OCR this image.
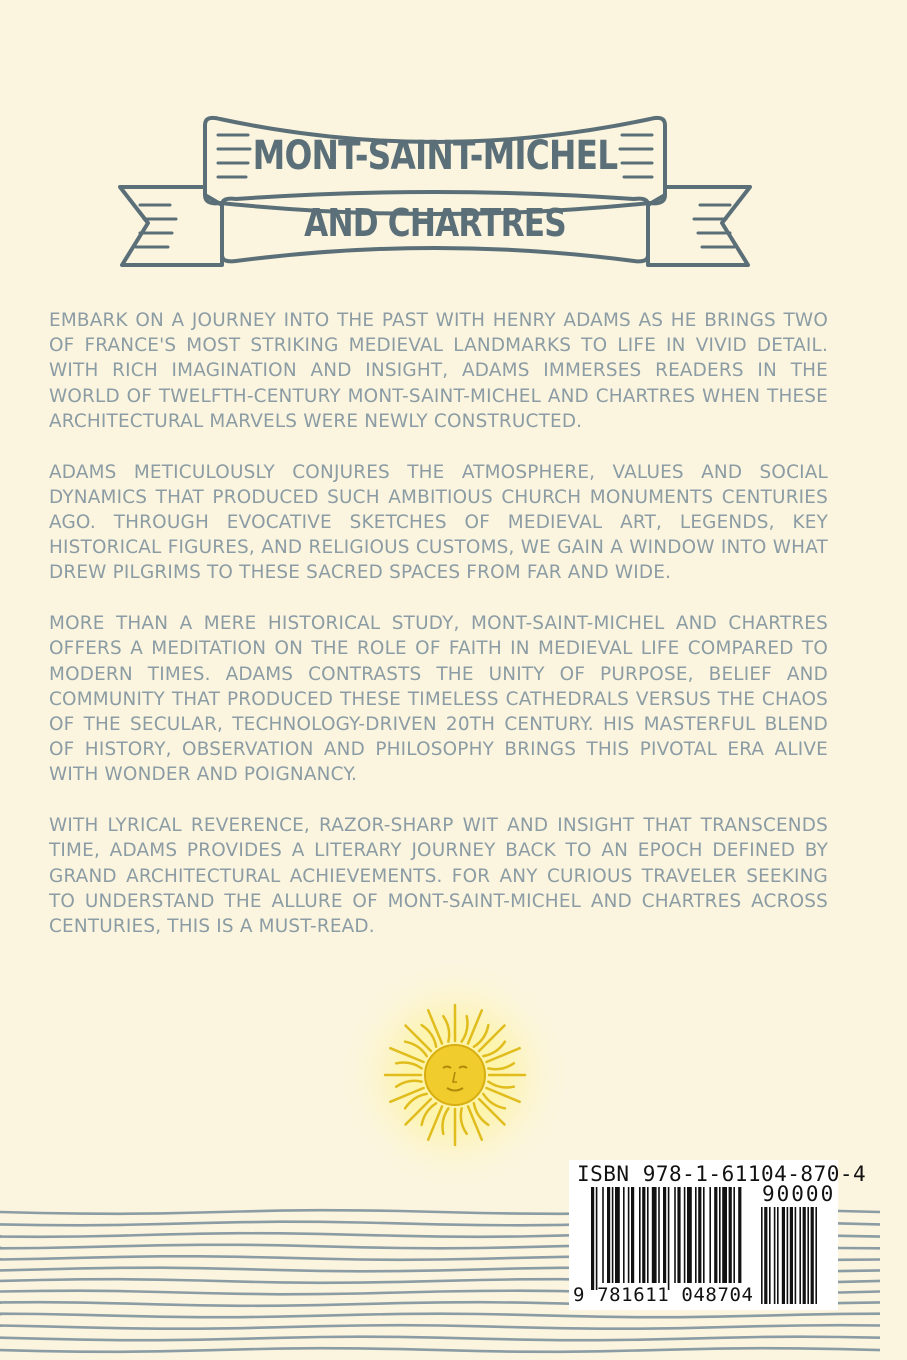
MONT-SAINT-MICHEL
AND CHARTRES

EMBARK ON A JOURNEY INTO THE PAST WITH HENRY ADAMS AS HE BRINGS TWO OF FRANCE'S MOST STRIKING MEDIEVAL LANDMARKS TO LIFE IN VIVID DETAIL. WITH RICH IMAGINATION AND INSIGHT, ADAMS IMMERSES READERS IN THE WORLD OF TWELFTH-CENTURY MONT-SAINT-MICHEL AND CHARTRES WHEN THESE ARCHITECTURAL MARVELS WERE NEWLY CONSTRUCTED.

ADAMS METICULOUSLY CONJURES THE ATMOSPHERE, VALUES AND SOCIAL DYNAMICS THAT PRODUCED SUCH AMBITIOUS CHURCH MONUMENTS CENTURIES AGO. THROUGH EVOCATIVE SKETCHES OF MEDIEVAL ART, LEGENDS, KEY HISTORICAL FIGURES, AND RELIGIOUS CUSTOMS, WE GAIN A WINDOW INTO WHAT DREW PILGRIMS TO THESE SACRED SPACES FROM FAR AND WIDE.

MORE THAN A MERE HISTORICAL STUDY, MONT-SAINT-MICHEL AND CHARTRES OFFERS A MEDITATION ON THE ROLE OF FAITH IN MEDIEVAL LIFE COMPARED TO MODERN TIMES. ADAMS CONTRASTS THE UNITY OF PURPOSE, BELIEF AND COMMUNITY THAT PRODUCED THESE TIMELESS CATHEDRALS VERSUS THE CHAOS OF THE SECULAR, TECHNOLOGY-DRIVEN 20TH CENTURY. HIS MASTERFUL BLEND OF HISTORY, OBSERVATION AND PHILOSOPHY BRINGS THIS PIVOTAL ERA ALIVE WITH WONDER AND POIGNANCY.

WITH LYRICAL REVERENCE, RAZOR-SHARP WIT AND INSIGHT THAT TRANSCENDS TIME, ADAMS PROVIDES A LITERARY JOURNEY BACK TO AN EPOCH DEFINED BY GRAND ARCHITECTURAL ACHIEVEMENTS. FOR ANY CURIOUS TRAVELER SEEKING TO UNDERSTAND THE ALLURE OF MONT-SAINT-MICHEL AND CHARTRES ACROSS CENTURIES, THIS IS A MUST-READ.

ISBN 978-1-61104-870-4
90000
9 781611 048704
